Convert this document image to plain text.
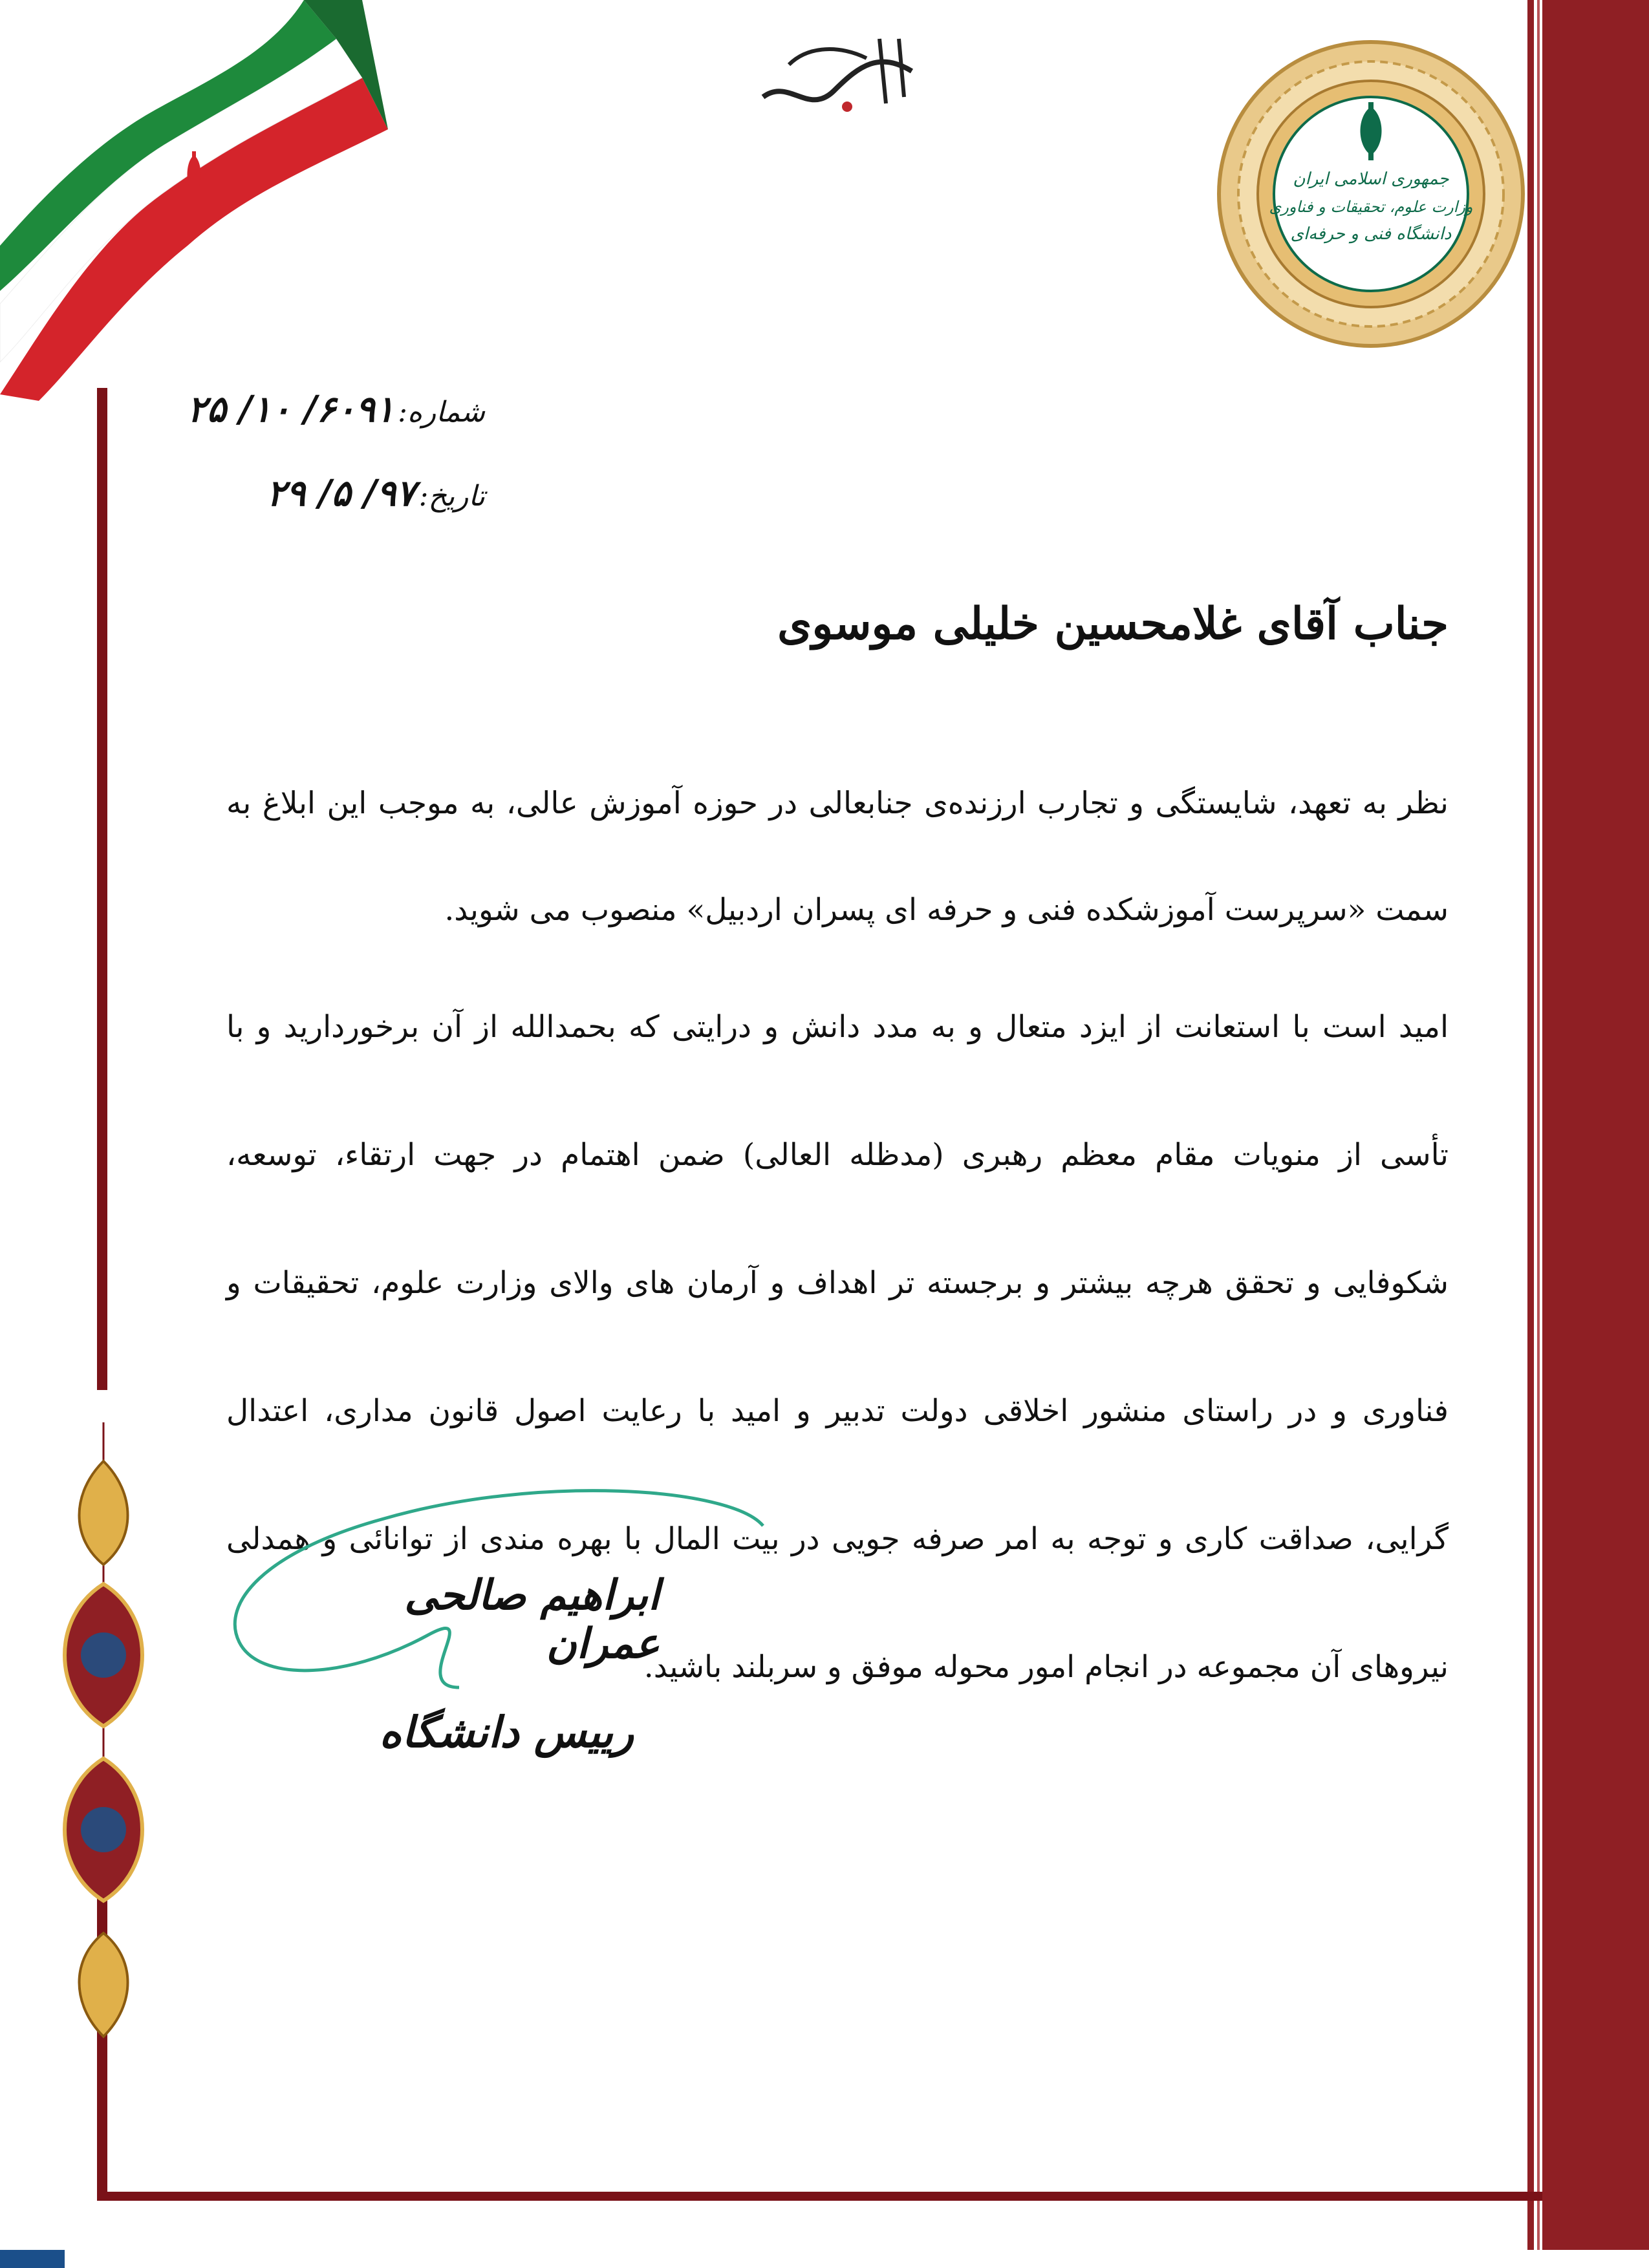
بسم الله الرحمن الرحیم
جمهوری اسلامی ایران
وزارت علوم، تحقیقات و فناوری
دانشگاه فنی و حرفه‌ای
شماره: ۶۰۹۱/ ۱۰/ ۲۵
تاریخ: ۹۷/ ۵/ ۲۹
جناب آقای غلامحسین خلیلی موسوی

نظر به تعهد، شایستگی و تجارب ارزنده‌ی جنابعالی در حوزه آموزش عالی، به موجب این ابلاغ به سمت «سرپرست آموزشکده فنی و حرفه ای پسران اردبیل» منصوب می شوید.

امید است با استعانت از ایزد متعال و به مدد دانش و درایتی که بحمدالله از آن برخوردارید و با تأسی از منویات مقام معظم رهبری (مدظله العالی) ضمن اهتمام در جهت ارتقاء، توسعه، شکوفایی و تحقق هرچه بیشتر و برجسته تر اهداف و آرمان های والای وزارت علوم، تحقیقات و فناوری و در راستای منشور اخلاقی دولت تدبیر و امید با رعایت اصول قانون مداری، اعتدال گرایی، صداقت کاری و توجه به امر صرفه جویی در بیت المال با بهره مندی از توانائی و همدلی نیروهای آن مجموعه در انجام امور محوله موفق و سربلند باشید.

ابراهیم صالحی عمران
رییس دانشگاه
